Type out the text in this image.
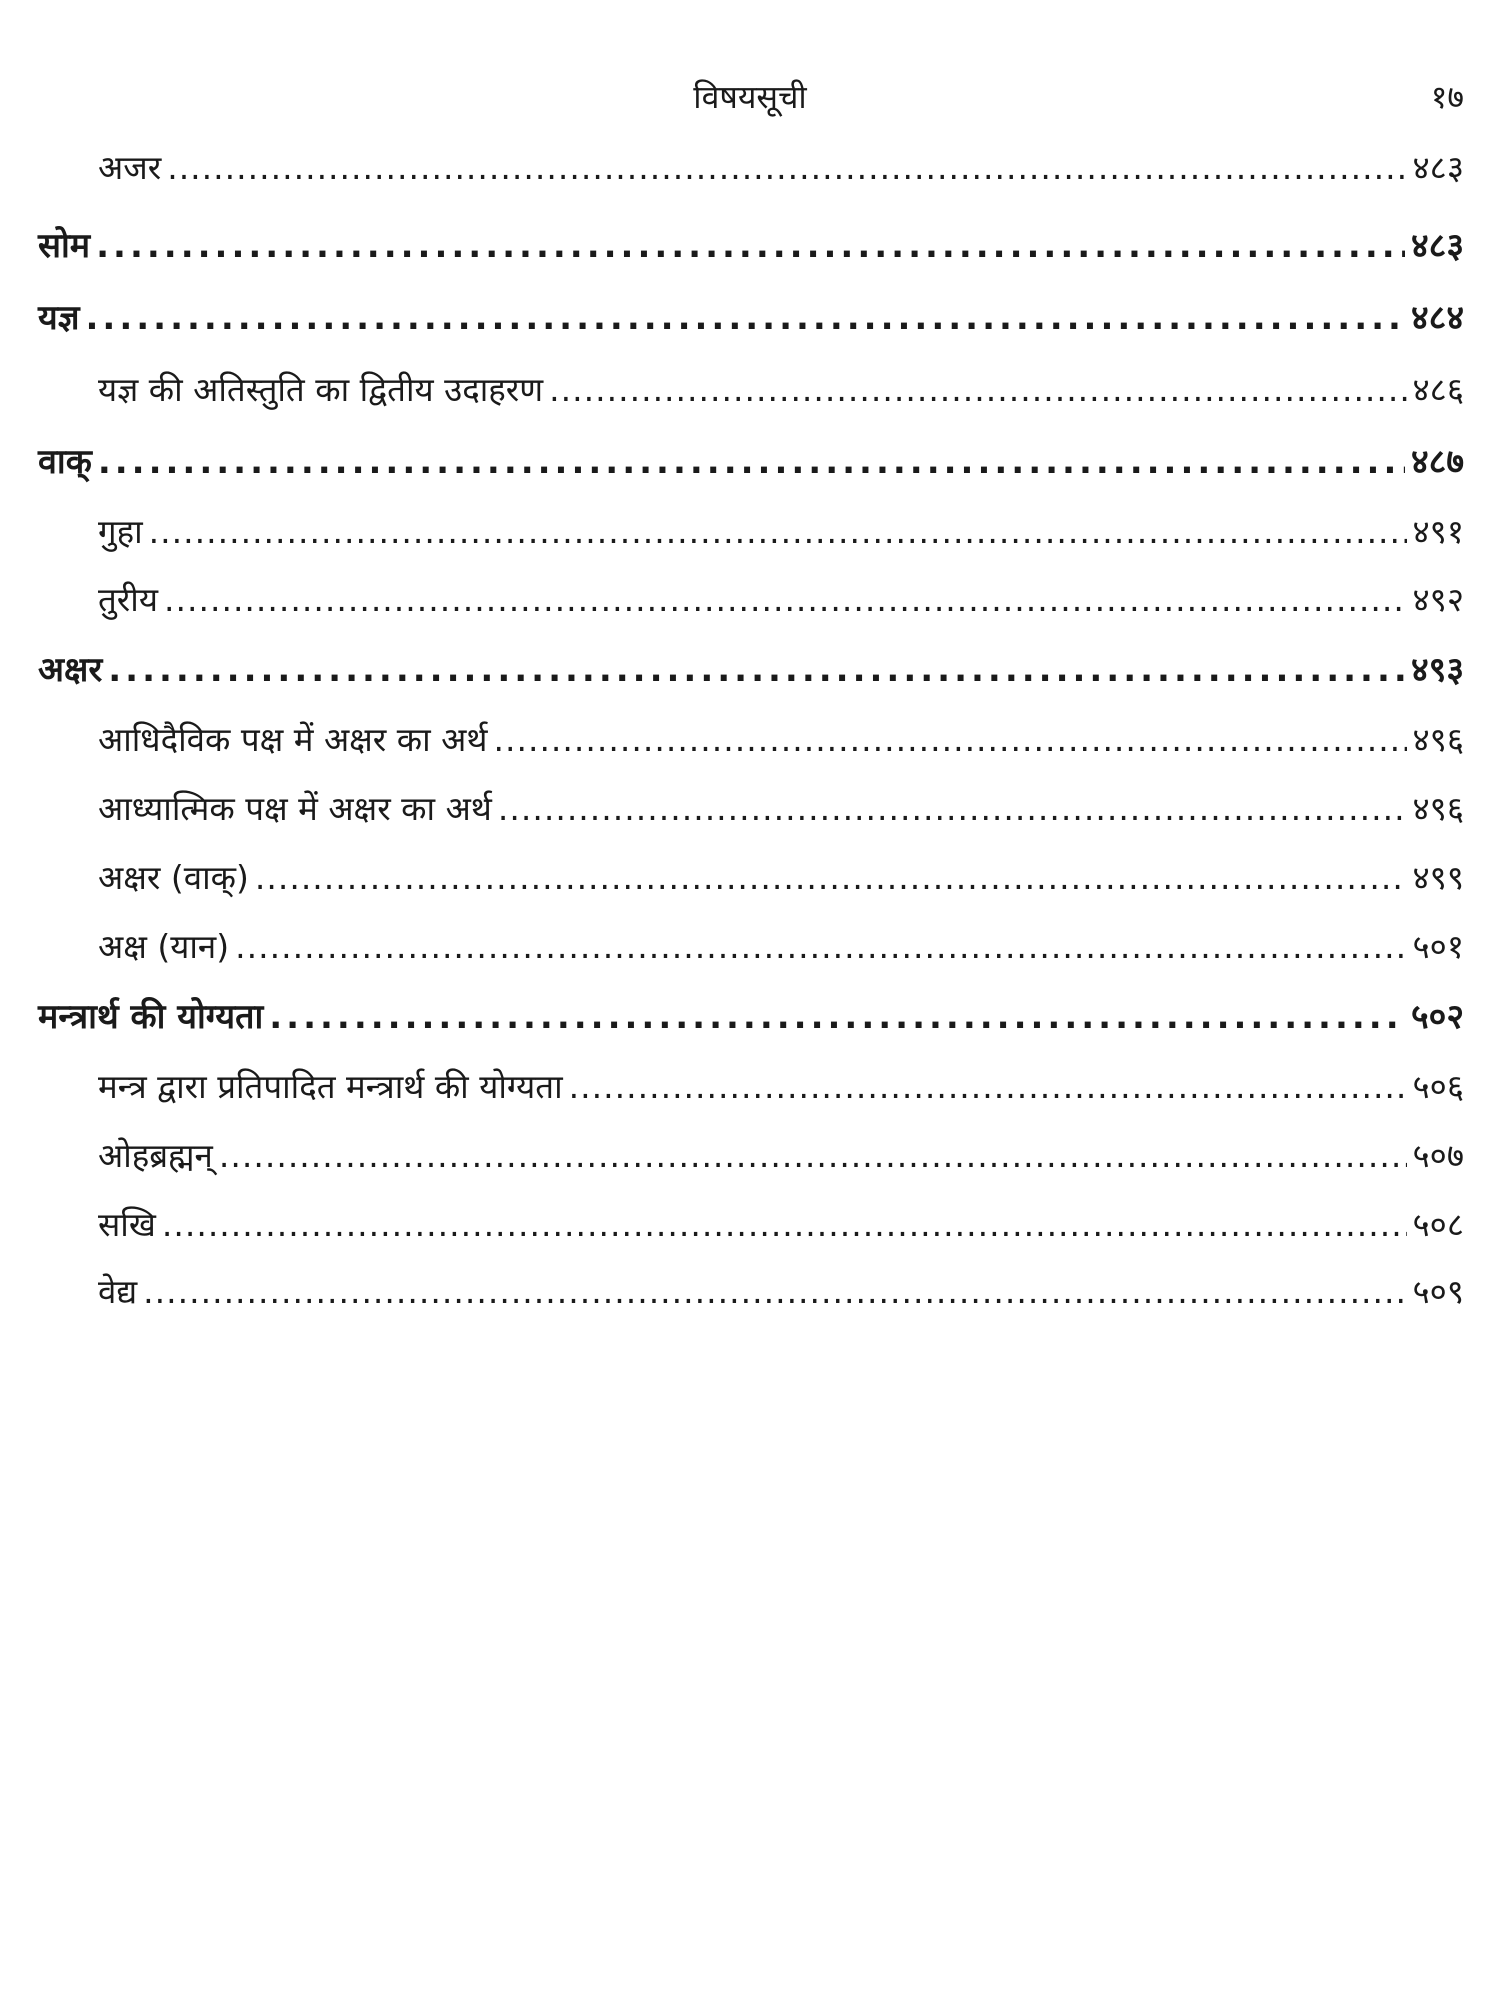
विषयसूची	१७
अजर .....	४८३
सोम .....	४८३
यज्ञ .....	४८४
यज्ञ की अतिस्तुति का द्वितीय उदाहरण .....	४८६
वाक् .....	४८७
गुहा .....	४९१
तुरीय .....	४९२
अक्षर .....	४९३
आधिदैविक पक्ष में अक्षर का अर्थ .....	४९६
आध्यात्मिक पक्ष में अक्षर का अर्थ .....	४९६
अक्षर (वाक्) .....	४९९
अक्ष (यान) .....	५०१
मन्त्रार्थ की योग्यता .....	५०२
मन्त्र द्वारा प्रतिपादित मन्त्रार्थ की योग्यता .....	५०६
ओहब्रह्मन् .....	५०७
सखि .....	५०८
वेद्य .....	५०९
